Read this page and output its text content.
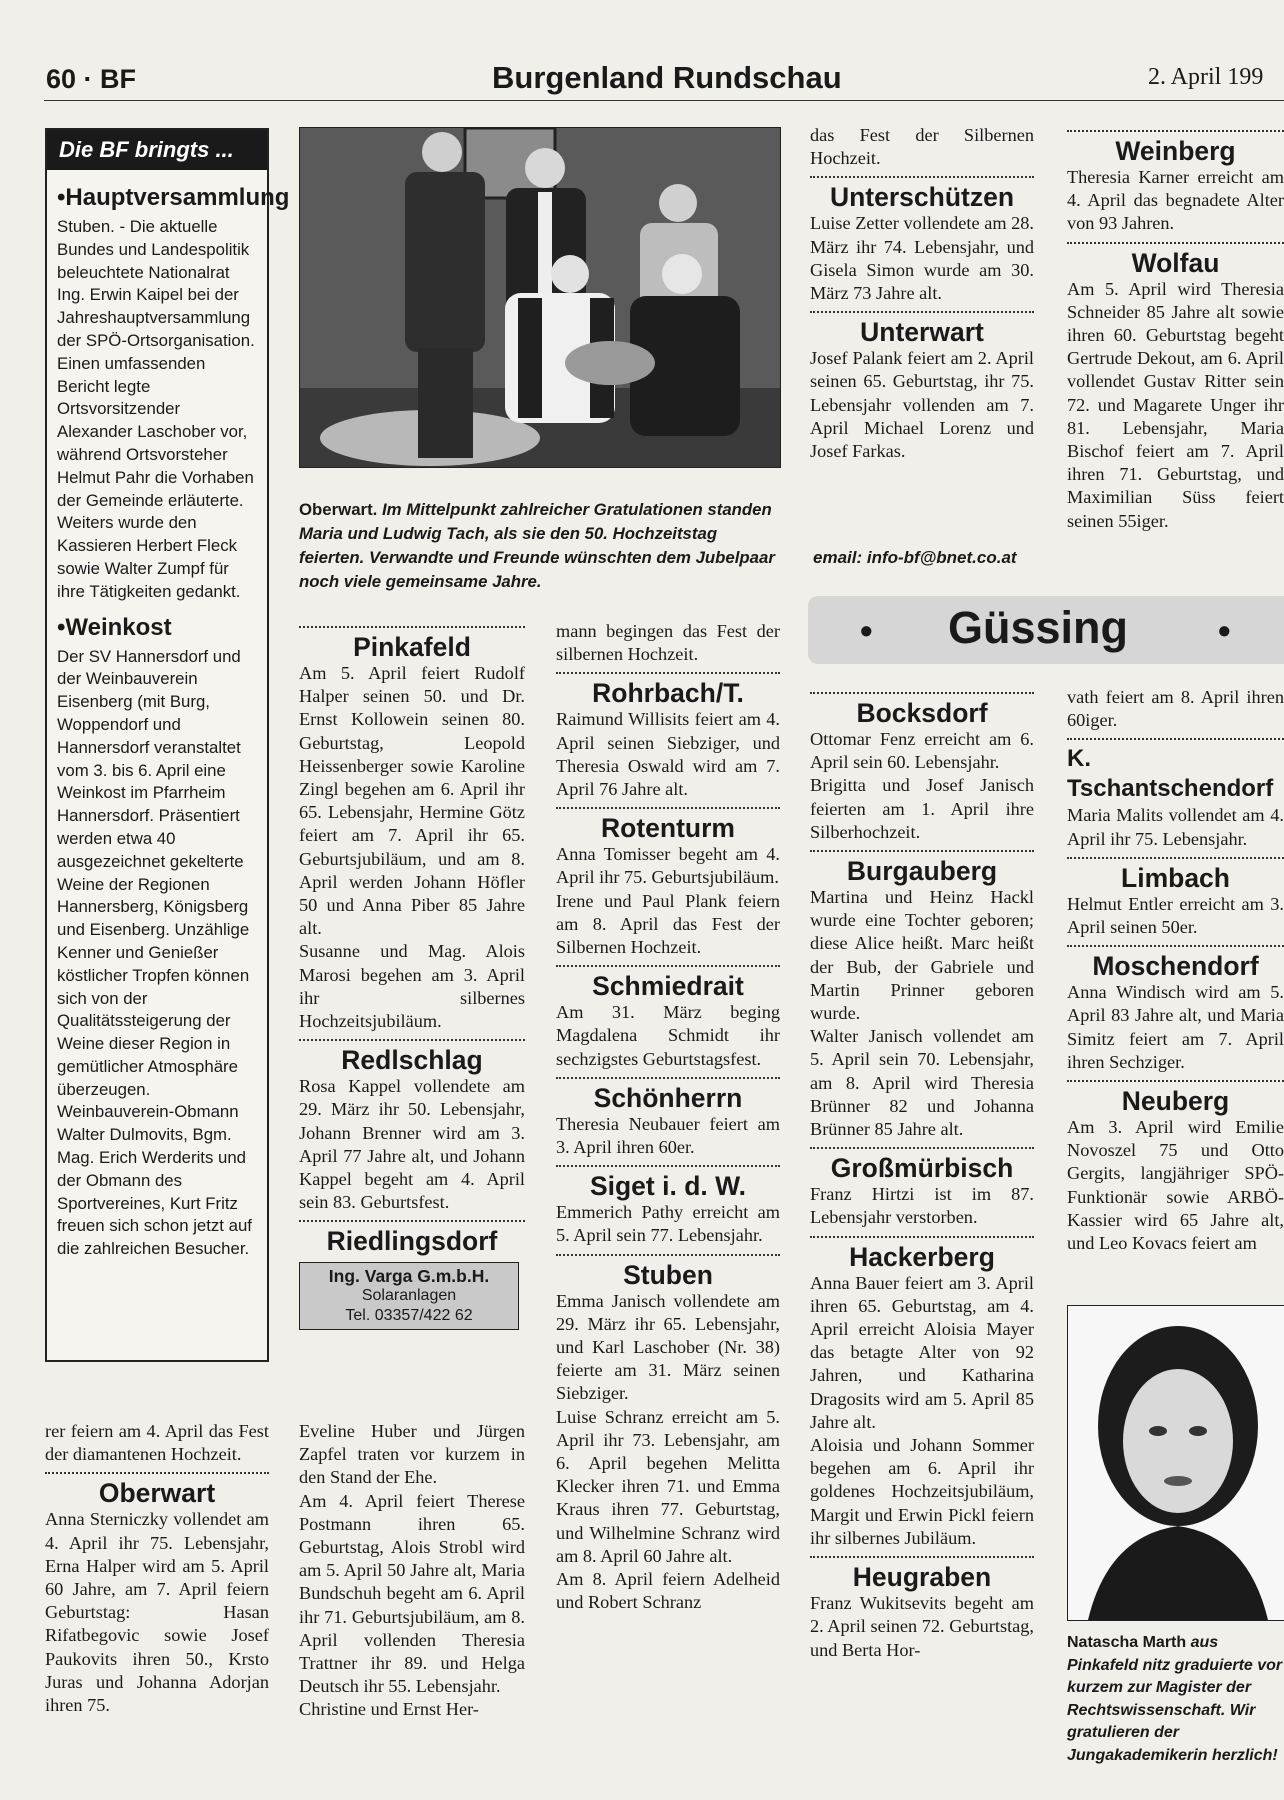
60 · BF	Burgenland Rundschau	2. April 199
Die BF bringts ...
•Hauptversammlung

Stuben. - Die aktuelle Bundes und Landespolitik beleuchtete Nationalrat Ing. Erwin Kaipel bei der Jahreshauptversammlung der SPÖ-Ortsorganisation. Einen umfassenden Bericht legte Ortsvorsitzender Alexander Laschober vor, während Ortsvorsteher Helmut Pahr die Vorhaben der Gemeinde erläuterte. Weiters wurde den Kassieren Herbert Fleck sowie Walter Zumpf für ihre Tätigkeiten gedankt.

•Weinkost

Der SV Hannersdorf und der Weinbauverein Eisenberg (mit Burg, Woppendorf und Hannersdorf veranstaltet vom 3. bis 6. April eine Weinkost im Pfarrheim Hannersdorf. Präsentiert werden etwa 40 ausgezeichnet gekelterte Weine der Regionen Hannersberg, Königsberg und Eisenberg. Unzählige Kenner und Genießer köstlicher Tropfen können sich von der Qualitätssteigerung der Weine dieser Region in gemütlicher Atmosphäre überzeugen. Weinbauverein-Obmann Walter Dulmovits, Bgm. Mag. Erich Werderits und der Obmann des Sportvereines, Kurt Fritz freuen sich schon jetzt auf die zahlreichen Besucher.

rer feiern am 4. April das Fest der diamantenen Hochzeit.

Oberwart

Anna Sterniczky vollendet am 4. April ihr 75. Lebensjahr, Erna Halper wird am 5. April 60 Jahre, am 7. April feiern Geburtstag: Hasan Rifatbegovic sowie Josef Paukovits ihren 50., Krsto Juras und Johanna Adorjan ihren 75.

Oberwart. Im Mittelpunkt zahlreicher Gratulationen standen Maria und Ludwig Tach, als sie den 50. Hochzeitstag feierten. Verwandte und Freunde wünschten dem Jubelpaar noch viele gemeinsame Jahre.
Pinkafeld

Am 5. April feiert Rudolf Halper seinen 50. und Dr. Ernst Kollowein seinen 80. Geburtstag, Leopold Heissenberger sowie Karoline Zingl begehen am 6. April ihr 65. Lebensjahr, Hermine Götz feiert am 7. April ihr 65. Geburtsjubiläum, und am 8. April werden Johann Höfler 50 und Anna Piber 85 Jahre alt.

Susanne und Mag. Alois Marosi begehen am 3. April ihr silbernes Hochzeitsjubiläum.

Redlschlag

Rosa Kappel vollendete am 29. März ihr 50. Lebensjahr, Johann Brenner wird am 3. April 77 Jahre alt, und Johann Kappel begeht am 4. April sein 83. Geburtsfest.

Riedlingsdorf
Ing. Varga G.m.b.H.
Solaranlagen
Tel. 03357/422 62

Eveline Huber und Jürgen Zapfel traten vor kurzem in den Stand der Ehe.

Am 4. April feiert Therese Postmann ihren 65. Geburtstag, Alois Strobl wird am 5. April 50 Jahre alt, Maria Bundschuh begeht am 6. April ihr 71. Geburtsjubiläum, am 8. April vollenden Theresia Trattner ihr 89. und Helga Deutsch ihr 55. Lebensjahr.

Christine und Ernst Her-

mann begingen das Fest der silbernen Hochzeit.

Rohrbach/T.

Raimund Willisits feiert am 4. April seinen Siebziger, und Theresia Oswald wird am 7. April 76 Jahre alt.

Rotenturm

Anna Tomisser begeht am 4. April ihr 75. Geburtsjubiläum.

Irene und Paul Plank feiern am 8. April das Fest der Silbernen Hochzeit.

Schmiedrait

Am 31. März beging Magdalena Schmidt ihr sechzigstes Geburtstagsfest.

Schönherrn

Theresia Neubauer feiert am 3. April ihren 60er.

Siget i. d. W.

Emmerich Pathy erreicht am 5. April sein 77. Lebensjahr.

Stuben

Emma Janisch vollendete am 29. März ihr 65. Lebensjahr, und Karl Laschober (Nr. 38) feierte am 31. März seinen Siebziger.

Luise Schranz erreicht am 5. April ihr 73. Lebensjahr, am 6. April begehen Melitta Klecker ihren 71. und Emma Kraus ihren 77. Geburtstag, und Wilhelmine Schranz wird am 8. April 60 Jahre alt.

Am 8. April feiern Adelheid und Robert Schranz

das Fest der Silbernen Hochzeit.

Unterschützen

Luise Zetter vollendete am 28. März ihr 74. Lebensjahr, und Gisela Simon wurde am 30. März 73 Jahre alt.

Unterwart

Josef Palank feiert am 2. April seinen 65. Geburtstag, ihr 75. Lebensjahr vollenden am 7. April Michael Lorenz und Josef Farkas.

email: info-bf@bnet.co.at
• Güssing •
Bocksdorf

Ottomar Fenz erreicht am 6. April sein 60. Lebensjahr.

Brigitta und Josef Janisch feierten am 1. April ihre Silberhochzeit.

Burgauberg

Martina und Heinz Hackl wurde eine Tochter geboren; diese Alice heißt. Marc heißt der Bub, der Gabriele und Martin Prinner geboren wurde.

Walter Janisch vollendet am 5. April sein 70. Lebensjahr, am 8. April wird Theresia Brünner 82 und Johanna Brünner 85 Jahre alt.

Großmürbisch

Franz Hirtzi ist im 87. Lebensjahr verstorben.

Hackerberg

Anna Bauer feiert am 3. April ihren 65. Geburtstag, am 4. April erreicht Aloisia Mayer das betagte Alter von 92 Jahren, und Katharina Dragosits wird am 5. April 85 Jahre alt.

Aloisia und Johann Sommer begehen am 6. April ihr goldenes Hochzeitsjubiläum, Margit und Erwin Pickl feiern ihr silbernes Jubiläum.

Heugraben

Franz Wukitsevits begeht am 2. April seinen 72. Geburtstag, und Berta Hor-

Weinberg

Theresia Karner erreicht am 4. April das begnadete Alter von 93 Jahren.

Wolfau

Am 5. April wird Theresia Schneider 85 Jahre alt sowie ihren 60. Geburtstag begeht Gertrude Dekout, am 6. April vollendet Gustav Ritter sein 72. und Magarete Unger ihr 81. Lebensjahr, Maria Bischof feiert am 7. April ihren 71. Geburtstag, und Maximilian Süss feiert seinen 55iger.

vath feiert am 8. April ihren 60iger.

K. Tschantschendorf

Maria Malits vollendet am 4. April ihr 75. Lebensjahr.

Limbach

Helmut Entler erreicht am 3. April seinen 50er.

Moschendorf

Anna Windisch wird am 5. April 83 Jahre alt, und Maria Simitz feiert am 7. April ihren Sechziger.

Neuberg

Am 3. April wird Emilie Novoszel 75 und Otto Gergits, langjähriger SPÖ-Funktionär sowie ARBÖ-Kassier wird 65 Jahre alt, und Leo Kovacs feiert am

Natascha Marth aus Pinkafeld nitz graduierte vor kurzem zur Magister der Rechtswissenschaft. Wir gratulieren der Jungakademikerin herzlich!
